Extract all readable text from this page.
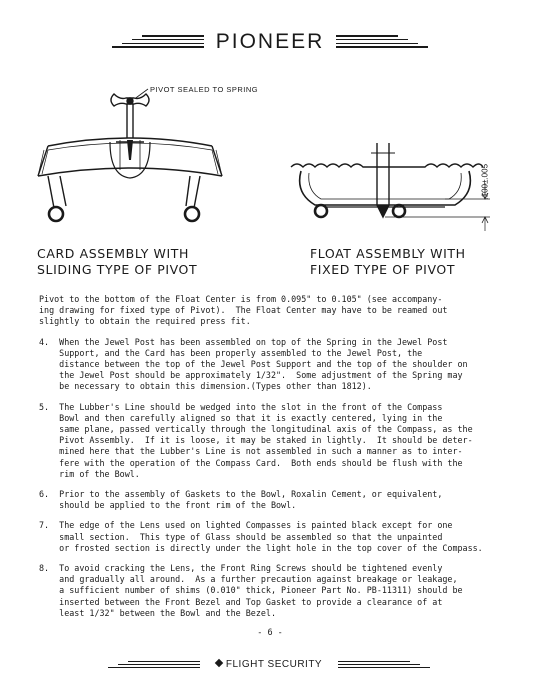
PIONEER
PIVOT SEALED TO SPRING
CARD ASSEMBLY WITH
SLIDING TYPE OF PIVOT
.100±.005
FLOAT ASSEMBLY WITH
FIXED TYPE OF PIVOT

Pivot to the bottom of the Float Center is from 0.095" to 0.105" (see accompany-
ing drawing for fixed type of Pivot).  The Float Center may have to be reamed out
slightly to obtain the required press fit.

4.  When the Jewel Post has been assembled on top of the Spring in the Jewel Post
Support, and the Card has been properly assembled to the Jewel Post, the
distance between the top of the Jewel Post Support and the top of the shoulder on
the Jewel Post should be approximately 1/32".  Some adjustment of the Spring may
be necessary to obtain this dimension.(Types other than 1812).

5.  The Lubber's Line should be wedged into the slot in the front of the Compass
Bowl and then carefully aligned so that it is exactly centered, lying in the
same plane, passed vertically through the longitudinal axis of the Compass, as the
Pivot Assembly.  If it is loose, it may be staked in lightly.  It should be deter-
mined here that the Lubber's Line is not assembled in such a manner as to inter-
fere with the operation of the Compass Card.  Both ends should be flush with the
rim of the Bowl.

6.  Prior to the assembly of Gaskets to the Bowl, Roxalin Cement, or equivalent,
should be applied to the front rim of the Bowl.

7.  The edge of the Lens used on lighted Compasses is painted black except for one
small section.  This type of Glass should be assembled so that the unpainted
or frosted section is directly under the light hole in the top cover of the Compass.

8.  To avoid cracking the Lens, the Front Ring Screws should be tightened evenly
and gradually all around.  As a further precaution against breakage or leakage,
a sufficient number of shims (0.010" thick, Pioneer Part No. PB-11311) should be
inserted between the Front Bezel and Top Gasket to provide a clearance of at
least 1/32" between the Bowl and the Bezel.

- 6 -
FLIGHT SECURITY
